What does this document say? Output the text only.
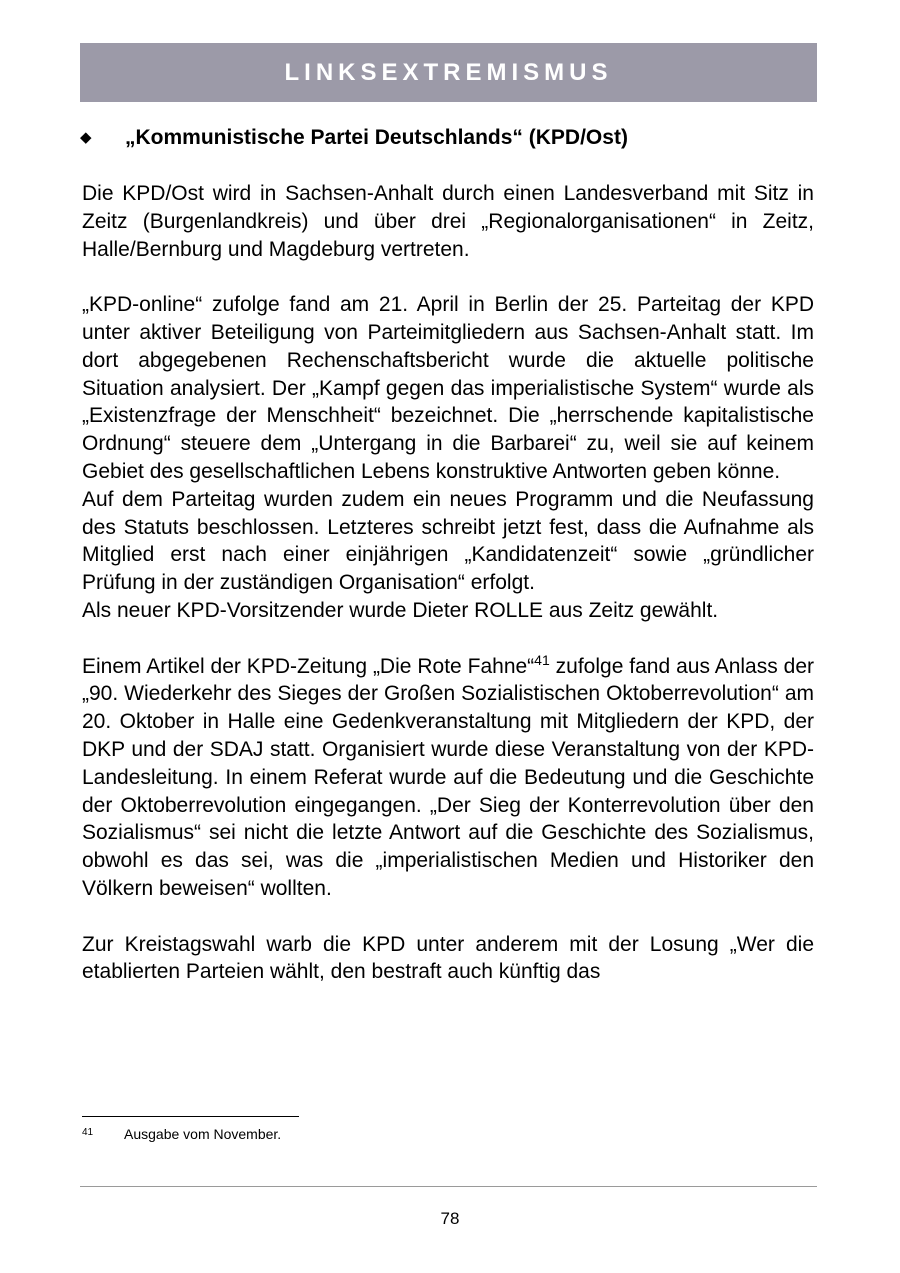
LINKSEXTREMISMUS
◆ „Kommunistische Partei Deutschlands“ (KPD/Ost)

Die KPD/Ost wird in Sachsen-Anhalt durch einen Landesverband mit Sitz in Zeitz (Burgenlandkreis) und über drei „Regionalorganisationen“ in Zeitz, Halle/Bernburg und Magdeburg vertreten.

„KPD-online“ zufolge fand am 21. April in Berlin der 25. Parteitag der KPD unter aktiver Beteiligung von Parteimitgliedern aus Sachsen-Anhalt statt. Im dort abgegebenen Rechenschaftsbericht wurde die aktuelle politische Situation analysiert. Der „Kampf gegen das imperialistische System“ wurde als „Existenzfrage der Menschheit“ bezeichnet. Die „herrschende kapitalistische Ordnung“ steuere dem „Untergang in die Barbarei“ zu, weil sie auf keinem Gebiet des gesellschaftlichen Lebens konstruktive Antworten geben könne.

Auf dem Parteitag wurden zudem ein neues Programm und die Neufassung des Statuts beschlossen. Letzteres schreibt jetzt fest, dass die Aufnahme als Mitglied erst nach einer einjährigen „Kandidatenzeit“ sowie „gründlicher Prüfung in der zuständigen Organisation“ erfolgt.

Als neuer KPD-Vorsitzender wurde Dieter ROLLE aus Zeitz gewählt.

Einem Artikel der KPD-Zeitung „Die Rote Fahne“$^{41}$ zufolge fand aus Anlass der „90. Wiederkehr des Sieges der Großen Sozialistischen Oktoberrevolution“ am 20. Oktober in Halle eine Gedenkveranstaltung mit Mitgliedern der KPD, der DKP und der SDAJ statt. Organisiert wurde diese Veranstaltung von der KPD-Landesleitung. In einem Referat wurde auf die Bedeutung und die Geschichte der Oktoberrevolution eingegangen. „Der Sieg der Konterrevolution über den Sozialismus“ sei nicht die letzte Antwort auf die Geschichte des Sozialismus, obwohl es das sei, was die „imperialistischen Medien und Historiker den Völkern beweisen“ wollten.

Zur Kreistagswahl warb die KPD unter anderem mit der Losung „Wer die etablierten Parteien wählt, den bestraft auch künftig das

41 Ausgabe vom November.
78
